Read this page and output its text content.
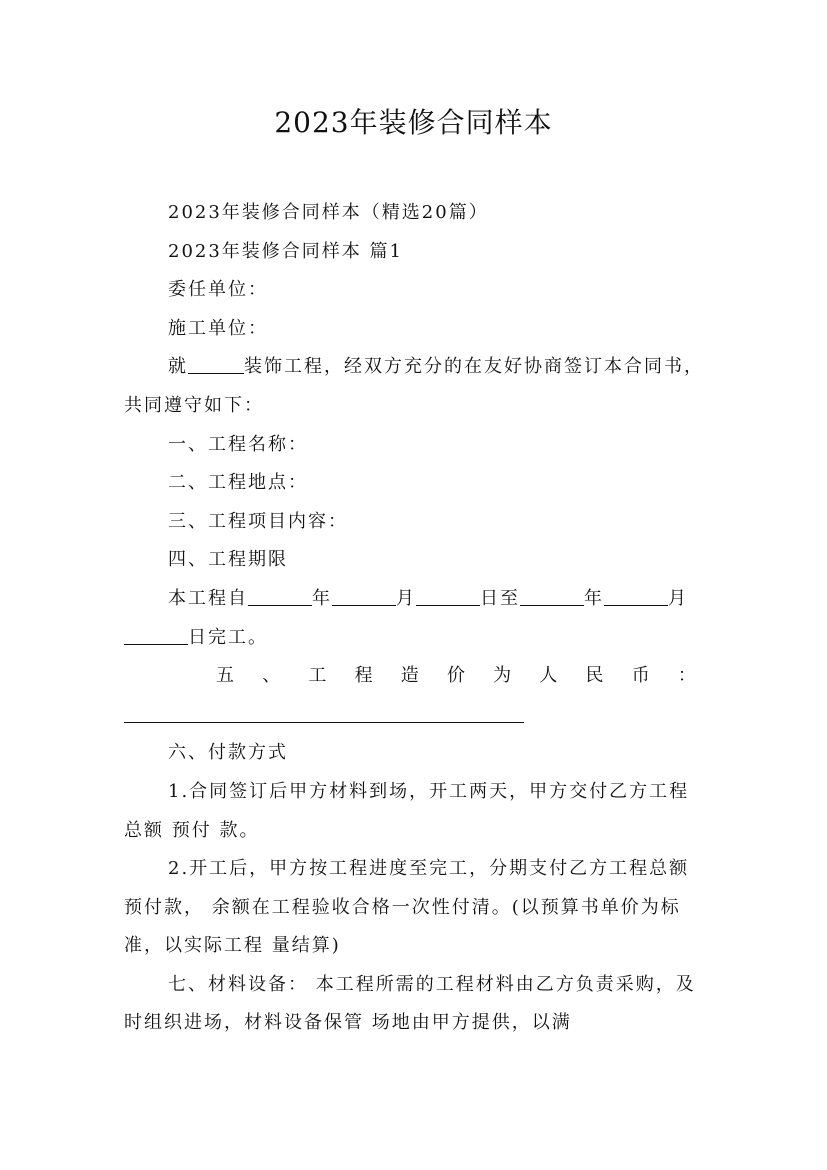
2023年装修合同样本

2023年装修合同样本（精选20篇）

2023年装修合同样本 篇1

委任单位：

施工单位：

就	装饰工程，经双方充分的在友好协商签订本合同书，共同遵守如下：

一、工程名称：

二、工程地点：

三、工程项目内容：

四、工程期限

本工程自	年	月	日至	年	月日完工。

五 、 工 程 造 价 为 人 民 币 ：

六、付款方式

1.合同签订后甲方材料到场，开工两天，甲方交付乙方工程总额 预付 款。

2.开工后，甲方按工程进度至完工，分期支付乙方工程总额 预付款， 余额在工程验收合格一次性付清。(以预算书单价为标准，以实际工程 量结算)

七、材料设备： 本工程所需的工程材料由乙方负责采购，及时组织进场，材料设备保管 场地由甲方提供，以满
